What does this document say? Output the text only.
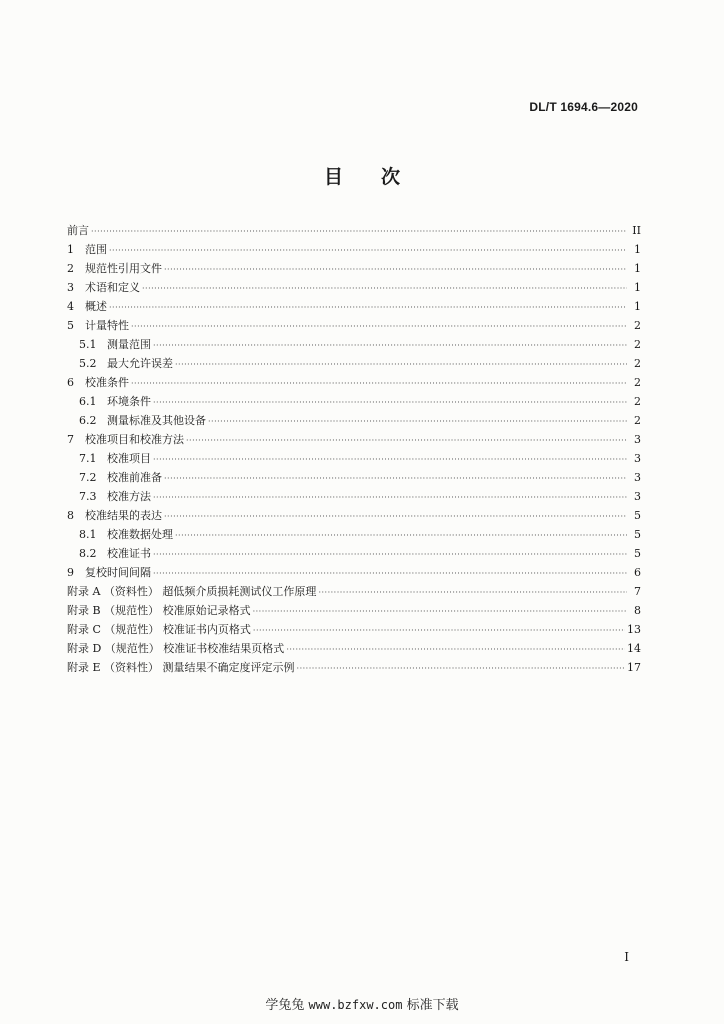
DL/T 1694.6—2020
目次
前言 ·····	II
1	范围 ·····	1
2	规范性引用文件 ·····	1
3	术语和定义 ·····	1
4	概述 ·····	1
5	计量特性 ·····	2
5.1 测量范围 ·····	2
5.2 最大允许误差 ·····	2
6	校准条件 ·····	2
6.1 环境条件 ·····	2
6.2 测量标准及其他设备 ·····	2
7	校准项目和校准方法 ·····	3
7.1 校准项目 ·····	3
7.2 校准前准备 ·····	3
7.3 校准方法 ·····	3
8	校准结果的表达 ·····	5
8.1 校准数据处理 ·····	5
8.2 校准证书 ·····	5
9	复校时间间隔 ·····	6
附录 A （资料性） 超低频介质损耗测试仪工作原理 ·····	7
附录 B （规范性） 校准原始记录格式 ·····	8
附录 C （规范性） 校准证书内页格式 ·····	13
附录 D （规范性） 校准证书校准结果页格式 ·····	14
附录 E （资料性） 测量结果不确定度评定示例 ·····	17
I
学兔兔 www.bzfxw.com 标准下载
